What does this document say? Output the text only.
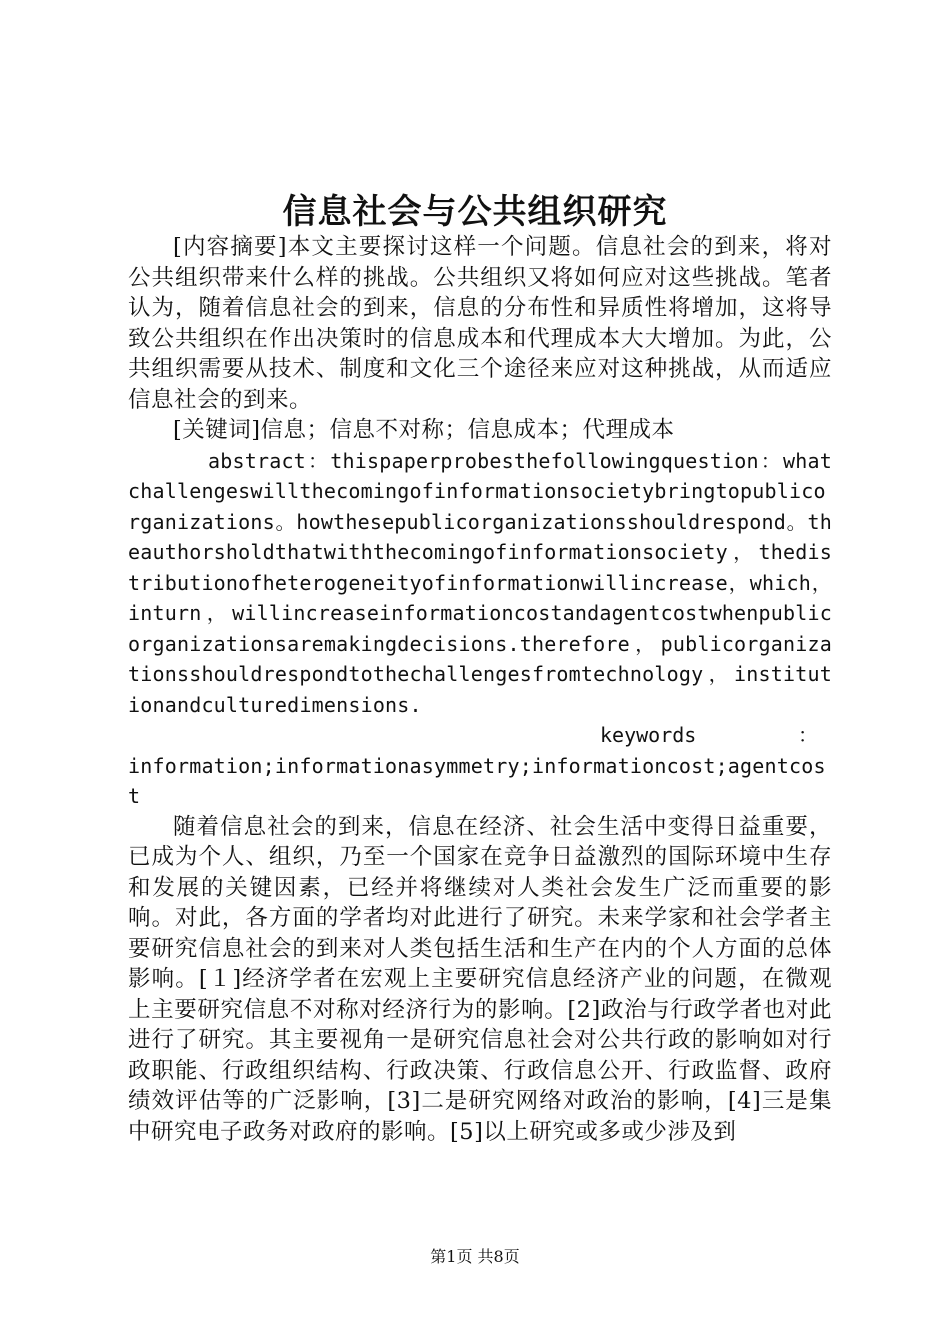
信息社会与公共组织研究

[内容摘要]本文主要探讨这样一个问题。信息社会的到来，将对公共组织带来什么样的挑战。公共组织又将如何应对这些挑战。笔者认为，随着信息社会的到来，信息的分布性和异质性将增加，这将导致公共组织在作出决策时的信息成本和代理成本大大增加。为此，公共组织需要从技术、制度和文化三个途径来应对这种挑战，从而适应信息社会的到来。

[关键词]信息；信息不对称；信息成本；代理成本

abstract：thispaperprobesthefollowingquestion：whatchallengeswillthecomingofinformationsocietybringtopublicorganizations。howthesepublicorganizationsshouldrespond。theauthorsholdthatwiththecomingofinformationsociety，thedistributionofheterogeneityofinformationwillincrease，which，inturn，willincreaseinformationcostandagentcostwhenpublicorganizationsaremakingdecisions.therefore，publicorganizationsshouldrespondtothechallengesfromtechnology，institutionandculturedimensions.

keywords	：

information;informationasymmetry;informationcost;agentcost

随着信息社会的到来，信息在经济、社会生活中变得日益重要，已成为个人、组织，乃至一个国家在竞争日益激烈的国际环境中生存和发展的关键因素，已经并将继续对人类社会发生广泛而重要的影响。对此，各方面的学者均对此进行了研究。未来学家和社会学者主要研究信息社会的到来对人类包括生活和生产在内的个人方面的总体影响。[１]经济学者在宏观上主要研究信息经济产业的问题，在微观上主要研究信息不对称对经济行为的影响。[2]政治与行政学者也对此进行了研究。其主要视角一是研究信息社会对公共行政的影响如对行政职能、行政组织结构、行政决策、行政信息公开、行政监督、政府绩效评估等的广泛影响，[3]二是研究网络对政治的影响，[4]三是集中研究电子政务对政府的影响。[5]以上研究或多或少涉及到

第1页 共8页
